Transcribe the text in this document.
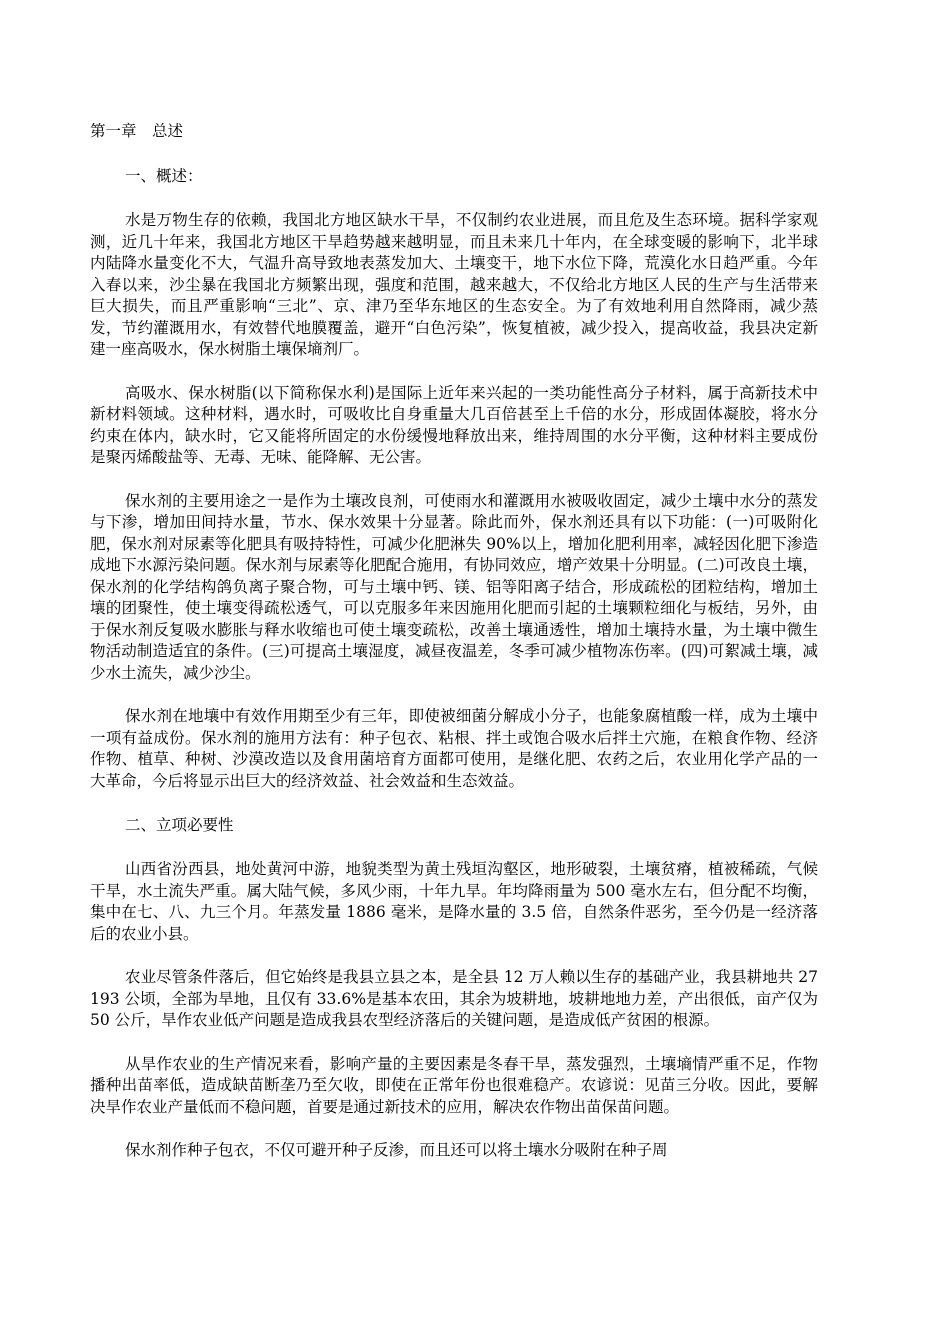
第一章　总述
一、概述：

水是万物生存的依赖，我国北方地区缺水干旱，不仅制约农业进展，而且危及生态环境。据科学家观测，近几十年来，我国北方地区干旱趋势越来越明显，而且未来几十年内，在全球变暖的影响下，北半球内陆降水量变化不大，气温升高导致地表蒸发加大、土壤变干，地下水位下降，荒漠化水日趋严重。今年入春以来，沙尘暴在我国北方频繁出现，强度和范围，越来越大，不仅给北方地区人民的生产与生活带来巨大损失，而且严重影响“三北”、京、津乃至华东地区的生态安全。为了有效地利用自然降雨，减少蒸发，节约灌溉用水，有效替代地膜覆盖，避开“白色污染”，恢复植被，减少投入，提高收益，我县决定新建一座高吸水，保水树脂土壤保墒剂厂。

高吸水、保水树脂(以下简称保水利)是国际上近年来兴起的一类功能性高分子材料，属于高新技术中新材料领域。这种材料，遇水时，可吸收比自身重量大几百倍甚至上千倍的水分，形成固体凝胶，将水分约束在体内，缺水时，它又能将所固定的水份缓慢地释放出来，维持周围的水分平衡，这种材料主要成份是聚丙烯酸盐等、无毒、无味、能降解、无公害。

保水剂的主要用途之一是作为土壤改良剂，可使雨水和灌溉用水被吸收固定，减少土壤中水分的蒸发与下渗，增加田间持水量，节水、保水效果十分显著。除此而外，保水剂还具有以下功能：(一)可吸附化肥，保水剂对尿素等化肥具有吸持特性，可减少化肥淋失 90%以上，增加化肥利用率，减轻因化肥下渗造成地下水源污染问题。保水剂与尿素等化肥配合施用，有协同效应，增产效果十分明显。(二)可改良土壤，保水剂的化学结构鸽负离子聚合物，可与土壤中钙、镁、铝等阳离子结合，形成疏松的团粒结构，增加土壤的团聚性，使土壤变得疏松透气，可以克服多年来因施用化肥而引起的土壤颗粒细化与板结，另外，由于保水剂反复吸水膨胀与释水收缩也可使土壤变疏松，改善土壤通透性，增加土壤持水量，为土壤中微生物活动制造适宜的条件。(三)可提高土壤湿度，减昼夜温差，冬季可减少植物冻伤率。(四)可絮减土壤，减少水土流失，减少沙尘。

保水剂在地壤中有效作用期至少有三年，即使被细菌分解成小分子，也能象腐植酸一样，成为土壤中一项有益成份。保水剂的施用方法有：种子包衣、粘根、拌土或饱合吸水后拌土穴施，在粮食作物、经济作物、植草、种树、沙漠改造以及食用菌培育方面都可使用，是继化肥、农药之后，农业用化学产品的一大革命，今后将显示出巨大的经济效益、社会效益和生态效益。

二、立项必要性

山西省汾西县，地处黄河中游，地貌类型为黄土残垣沟壑区，地形破裂，土壤贫瘠，植被稀疏，气候干旱，水土流失严重。属大陆气候，多风少雨，十年九旱。年均降雨量为 500 毫水左右，但分配不均衡，集中在七、八、九三个月。年蒸发量 1886 毫米，是降水量的 3.5 倍，自然条件恶劣，至今仍是一经济落后的农业小县。

农业尽管条件落后，但它始终是我县立县之本，是全县 12 万人赖以生存的基础产业，我县耕地共 27193 公顷，全部为旱地，且仅有 33.6%是基本农田，其余为坡耕地，坡耕地地力差，产出很低，亩产仅为 50 公斤，旱作农业低产问题是造成我县农型经济落后的关键问题，是造成低产贫困的根源。

从旱作农业的生产情况来看，影响产量的主要因素是冬春干旱，蒸发强烈，土壤墒情严重不足，作物播种出苗率低，造成缺苗断垄乃至欠收，即使在正常年份也很难稳产。农谚说：见苗三分收。因此，要解决旱作农业产量低而不稳问题，首要是通过新技术的应用，解决农作物出苗保苗问题。

保水剂作种子包衣，不仅可避开种子反渗，而且还可以将土壤水分吸附在种子周
